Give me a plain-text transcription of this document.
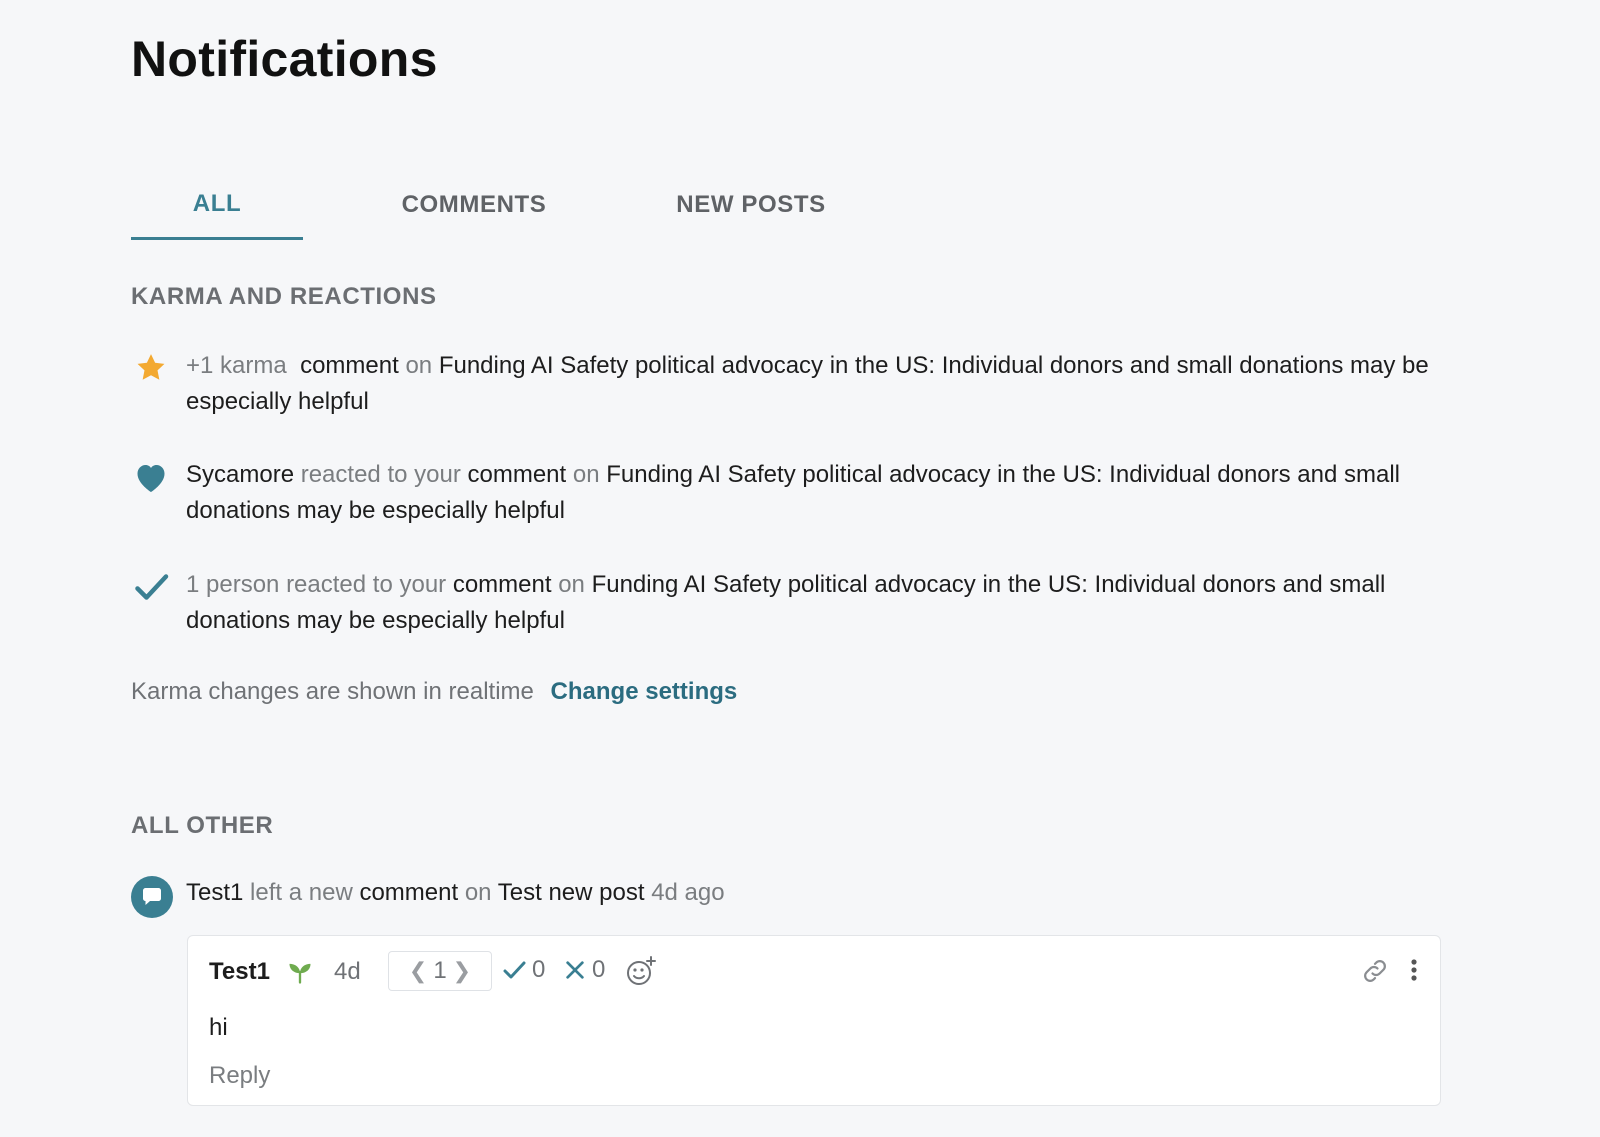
Notifications
ALL	COMMENTS	NEW POSTS
KARMA AND REACTIONS
+1 karma comment on Funding AI Safety political advocacy in the US: Individual donors and small donations may be especially helpful
Sycamore reacted to your comment on Funding AI Safety political advocacy in the US: Individual donors and small donations may be especially helpful
1 person reacted to your comment on Funding AI Safety political advocacy in the US: Individual donors and small donations may be especially helpful
Karma changes are shown in realtime Change settings
ALL OTHER
Test1 left a new comment on Test new post 4d ago
Test1	4d ❮ 1 ❯	0 0
hi
Reply
